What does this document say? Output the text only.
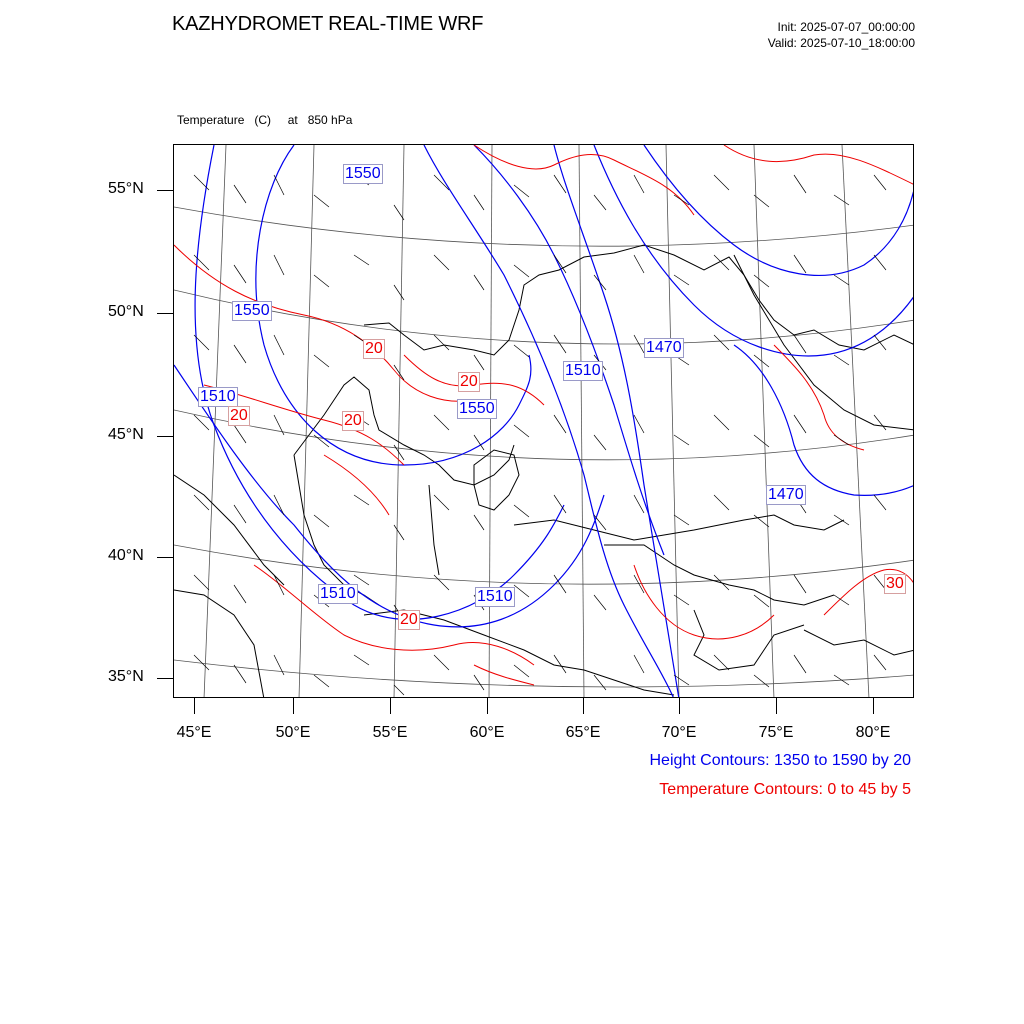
KAZHYDROMET REAL-TIME WRF	Init: 2025-07-07_00:00:00
Valid: 2025-07-10_18:00:00

Temperature   (C)     at   850 hPa

1550
1550
1510
1550
1510
1470
1470
1510	1510
20
20
20	20
20
30
55°N
50°N
45°N
40°N
35°N
45°E	50°E	55°E	60°E	65°E	70°E	75°E	80°E
Height Contours: 1350 to 1590 by 20
Temperature Contours: 0 to 45 by 5
